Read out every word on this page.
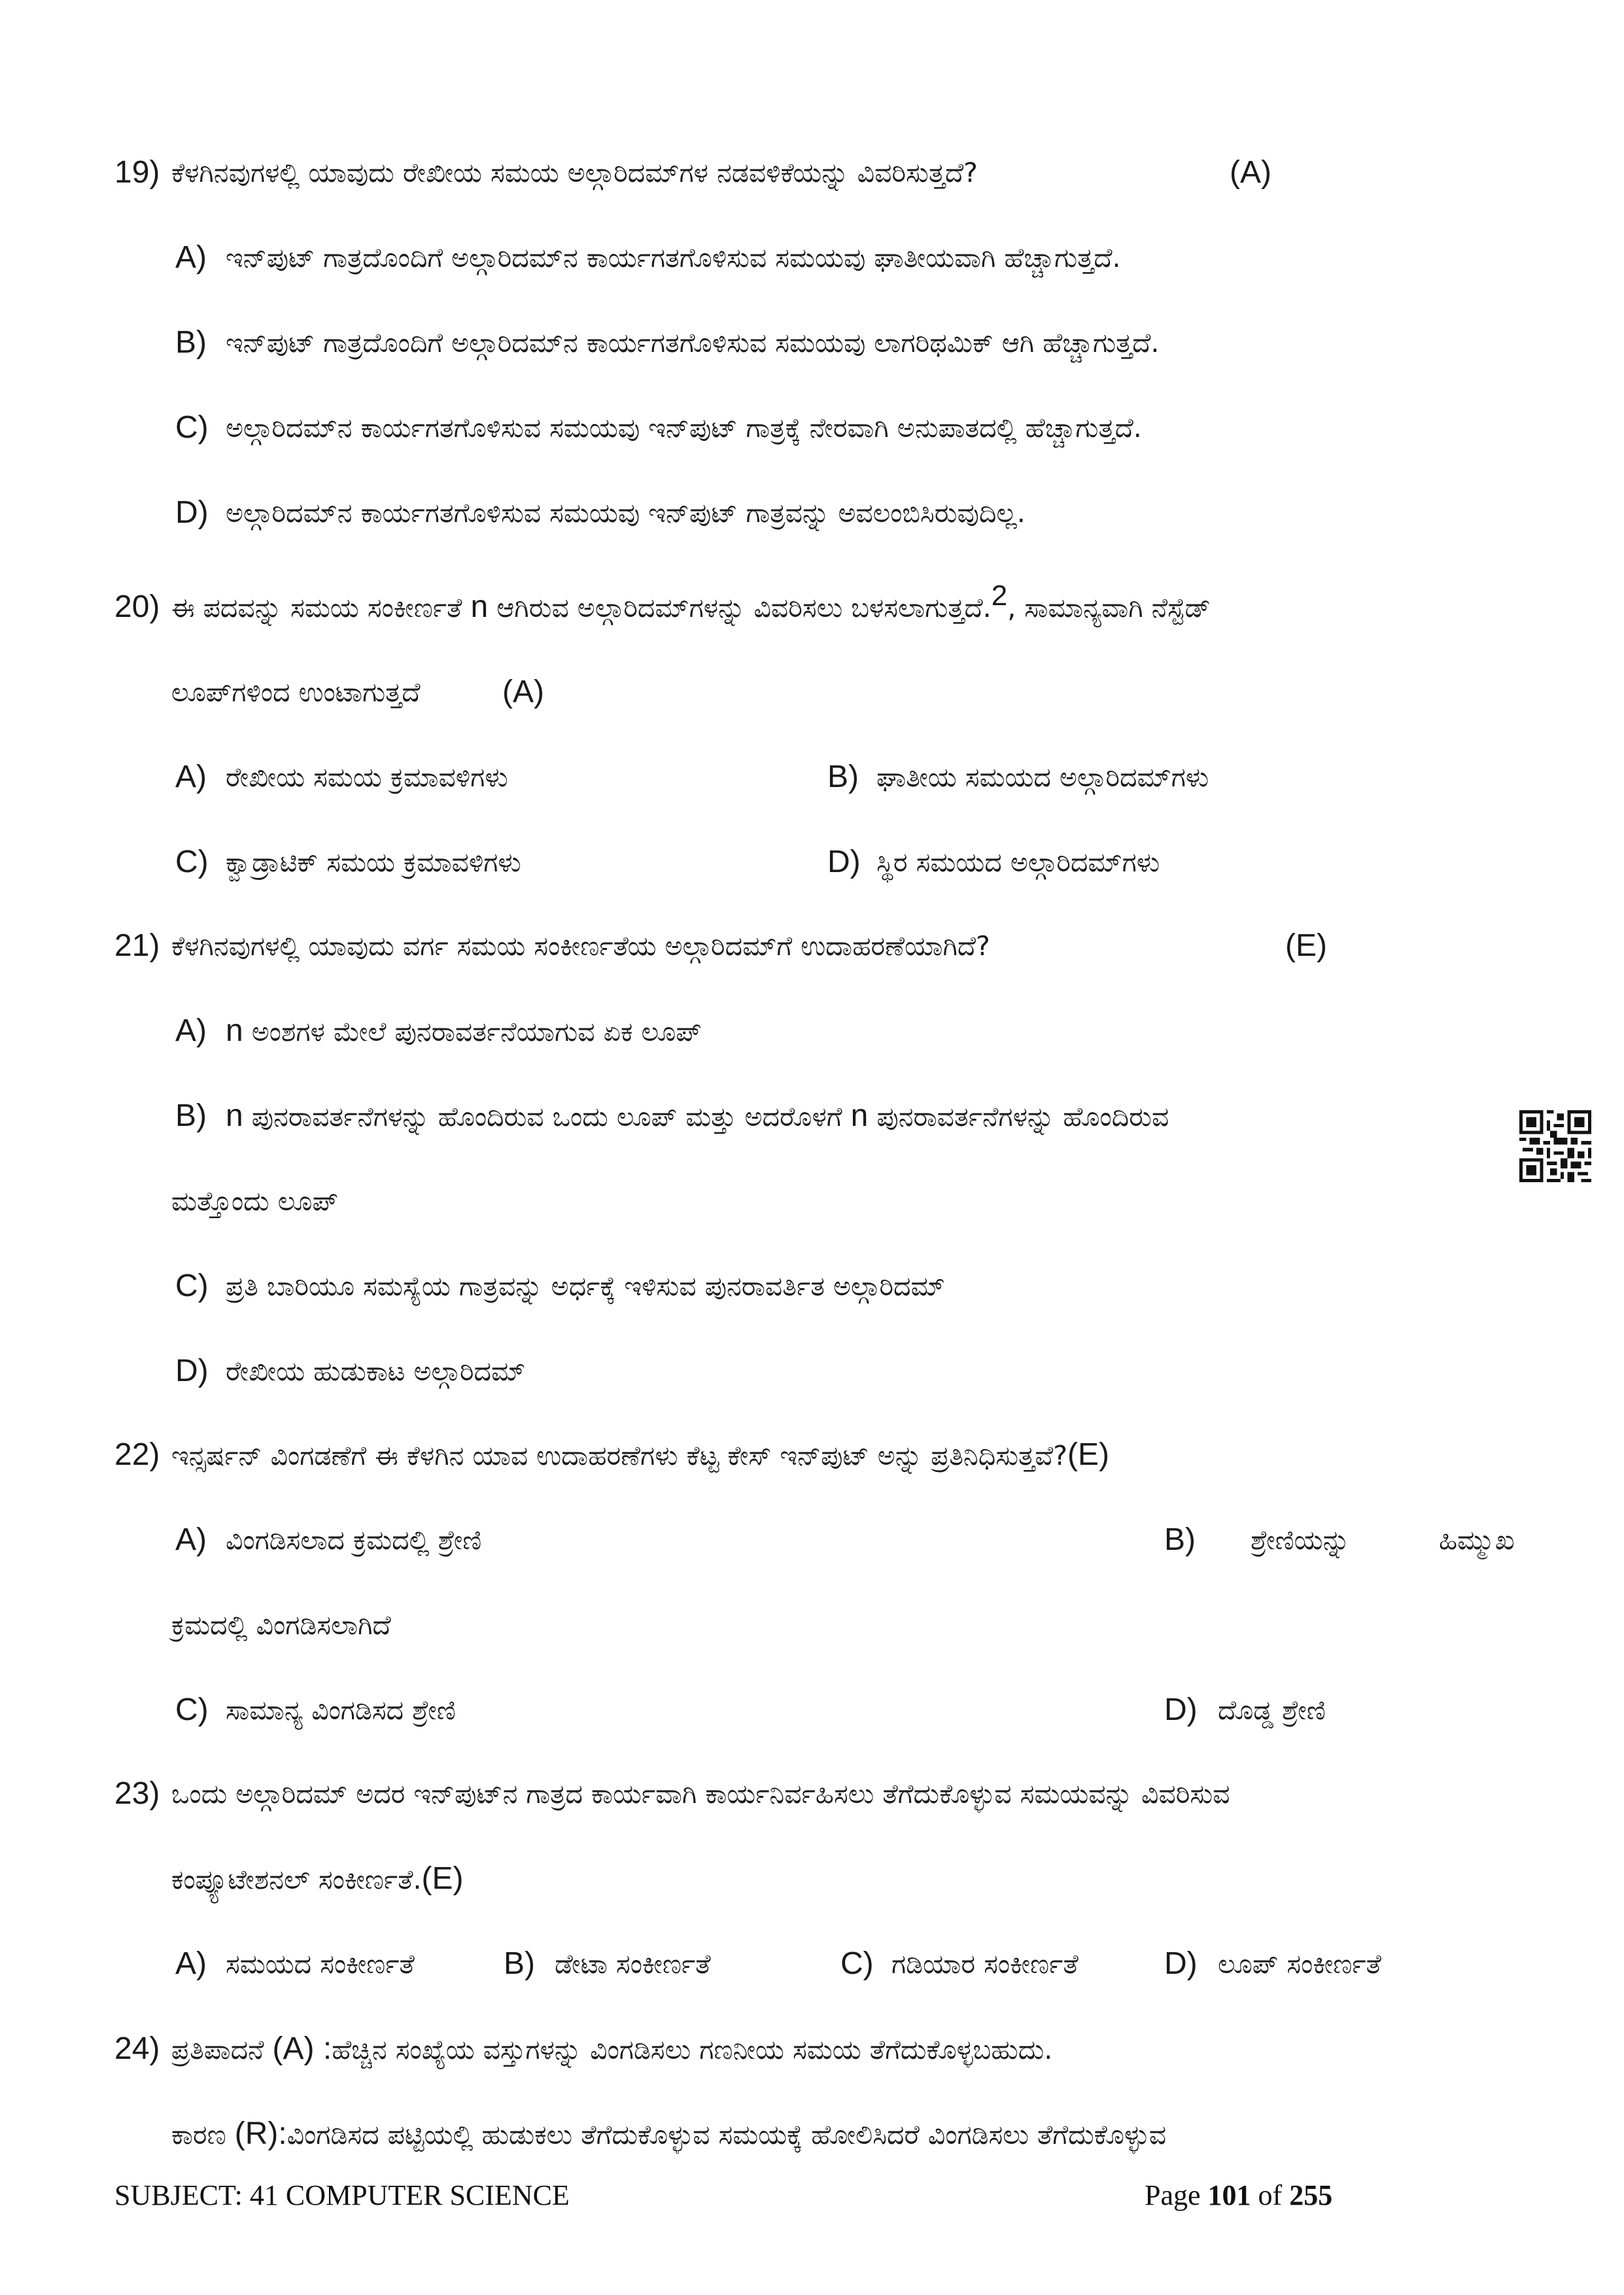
19) ಕೆಳಗಿನವುಗಳಲ್ಲಿ ಯಾವುದು ರೇಖೀಯ ಸಮಯ ಅಲ್ಗಾರಿದಮ್‌ಗಳ ನಡವಳಿಕೆಯನ್ನು ವಿವರಿಸುತ್ತದೆ?	(A)
A) ಇನ್‌ಪುಟ್ ಗಾತ್ರದೊಂದಿಗೆ ಅಲ್ಗಾರಿದಮ್‌ನ ಕಾರ್ಯಗತಗೊಳಿಸುವ ಸಮಯವು ಘಾತೀಯವಾಗಿ ಹೆಚ್ಚಾಗುತ್ತದೆ.
B) ಇನ್‌ಪುಟ್ ಗಾತ್ರದೊಂದಿಗೆ ಅಲ್ಗಾರಿದಮ್‌ನ ಕಾರ್ಯಗತಗೊಳಿಸುವ ಸಮಯವು ಲಾಗರಿಥಮಿಕ್ ಆಗಿ ಹೆಚ್ಚಾಗುತ್ತದೆ.
C) ಅಲ್ಗಾರಿದಮ್‌ನ ಕಾರ್ಯಗತಗೊಳಿಸುವ ಸಮಯವು ಇನ್‌ಪುಟ್ ಗಾತ್ರಕ್ಕೆ ನೇರವಾಗಿ ಅನುಪಾತದಲ್ಲಿ ಹೆಚ್ಚಾಗುತ್ತದೆ.
D) ಅಲ್ಗಾರಿದಮ್‌ನ ಕಾರ್ಯಗತಗೊಳಿಸುವ ಸಮಯವು ಇನ್‌ಪುಟ್ ಗಾತ್ರವನ್ನು ಅವಲಂಬಿಸಿರುವುದಿಲ್ಲ.
20) ಈ ಪದವನ್ನು ಸಮಯ ಸಂಕೀರ್ಣತೆ n ಆಗಿರುವ ಅಲ್ಗಾರಿದಮ್‌ಗಳನ್ನು ವಿವರಿಸಲು ಬಳಸಲಾಗುತ್ತದೆ.2, ಸಾಮಾನ್ಯವಾಗಿ ನೆಸ್ಟೆಡ್
ಲೂಪ್‌ಗಳಿಂದ ಉಂಟಾಗುತ್ತದೆ	(A)
A) ರೇಖೀಯ ಸಮಯ ಕ್ರಮಾವಳಿಗಳು	B) ಘಾತೀಯ ಸಮಯದ ಅಲ್ಗಾರಿದಮ್‌ಗಳು
C) ಕ್ವಾಡ್ರಾಟಿಕ್ ಸಮಯ ಕ್ರಮಾವಳಿಗಳು	D) ಸ್ಥಿರ ಸಮಯದ ಅಲ್ಗಾರಿದಮ್‌ಗಳು
21) ಕೆಳಗಿನವುಗಳಲ್ಲಿ ಯಾವುದು ವರ್ಗ ಸಮಯ ಸಂಕೀರ್ಣತೆಯ ಅಲ್ಗಾರಿದಮ್‌ಗೆ ಉದಾಹರಣೆಯಾಗಿದೆ?	(E)
A) n ಅಂಶಗಳ ಮೇಲೆ ಪುನರಾವರ್ತನೆಯಾಗುವ ಏಕ ಲೂಪ್
B) n ಪುನರಾವರ್ತನೆಗಳನ್ನು ಹೊಂದಿರುವ ಒಂದು ಲೂಪ್ ಮತ್ತು ಅದರೊಳಗೆ n ಪುನರಾವರ್ತನೆಗಳನ್ನು ಹೊಂದಿರುವ
ಮತ್ತೊಂದು ಲೂಪ್
C) ಪ್ರತಿ ಬಾರಿಯೂ ಸಮಸ್ಯೆಯ ಗಾತ್ರವನ್ನು ಅರ್ಧಕ್ಕೆ ಇಳಿಸುವ ಪುನರಾವರ್ತಿತ ಅಲ್ಗಾರಿದಮ್
D) ರೇಖೀಯ ಹುಡುಕಾಟ ಅಲ್ಗಾರಿದಮ್
22) ಇನ್ಸರ್ಷನ್ ವಿಂಗಡಣೆಗೆ ಈ ಕೆಳಗಿನ ಯಾವ ಉದಾಹರಣೆಗಳು ಕೆಟ್ಟ ಕೇಸ್ ಇನ್‌ಪುಟ್ ಅನ್ನು ಪ್ರತಿನಿಧಿಸುತ್ತವೆ?(E)
A) ವಿಂಗಡಿಸಲಾದ ಕ್ರಮದಲ್ಲಿ ಶ್ರೇಣಿ	B) ಶ್ರೇಣಿಯನ್ನು	ಹಿಮ್ಮುಖ
ಕ್ರಮದಲ್ಲಿ ವಿಂಗಡಿಸಲಾಗಿದೆ
C) ಸಾಮಾನ್ಯ ವಿಂಗಡಿಸದ ಶ್ರೇಣಿ	D) ದೊಡ್ಡ ಶ್ರೇಣಿ
23) ಒಂದು ಅಲ್ಗಾರಿದಮ್ ಅದರ ಇನ್‌ಪುಟ್‌ನ ಗಾತ್ರದ ಕಾರ್ಯವಾಗಿ ಕಾರ್ಯನಿರ್ವಹಿಸಲು ತೆಗೆದುಕೊಳ್ಳುವ ಸಮಯವನ್ನು ವಿವರಿಸುವ
ಕಂಪ್ಯೂಟೇಶನಲ್ ಸಂಕೀರ್ಣತೆ.(E)
A) ಸಮಯದ ಸಂಕೀರ್ಣತೆ	B) ಡೇಟಾ ಸಂಕೀರ್ಣತೆ	C) ಗಡಿಯಾರ ಸಂಕೀರ್ಣತೆ	D) ಲೂಪ್ ಸಂಕೀರ್ಣತೆ
24) ಪ್ರತಿಪಾದನೆ (A) :ಹೆಚ್ಚಿನ ಸಂಖ್ಯೆಯ ವಸ್ತುಗಳನ್ನು ವಿಂಗಡಿಸಲು ಗಣನೀಯ ಸಮಯ ತೆಗೆದುಕೊಳ್ಳಬಹುದು.
ಕಾರಣ (R):ವಿಂಗಡಿಸದ ಪಟ್ಟಿಯಲ್ಲಿ ಹುಡುಕಲು ತೆಗೆದುಕೊಳ್ಳುವ ಸಮಯಕ್ಕೆ ಹೋಲಿಸಿದರೆ ವಿಂಗಡಿಸಲು ತೆಗೆದುಕೊಳ್ಳುವ
SUBJECT: 41 COMPUTER SCIENCE	Page 101 of 255
